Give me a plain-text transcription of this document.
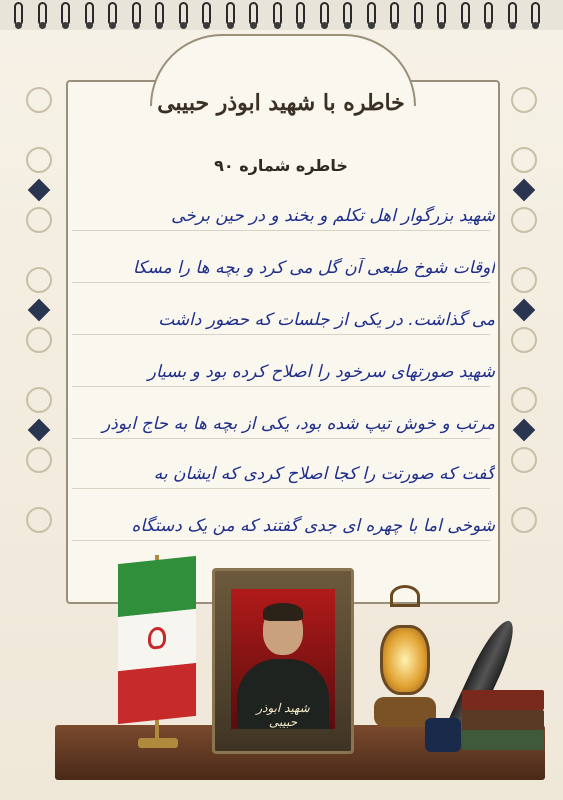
خاطره با شهید ابوذر حبیبی
خاطره شماره ۹۰
شهید بزرگوار اهل تکلم و بخند و در حین برخی
اوقات شوخ طبعی آن گل می کرد و بچه ها را مسکا
می گذاشت. در یکی از جلسات که حضور داشت
شهید صورتهای سرخود را اصلاح کرده بود و بسیار
مرتب و خوش تیپ شده بود، یکی از بچه ها به حاج ابوذر
گفت که صورتت را کجا اصلاح کردی که ایشان به
شوخی اما با چهره ای جدی گفتند که من یک دستگاه
شهید ابوذر حبیبی
